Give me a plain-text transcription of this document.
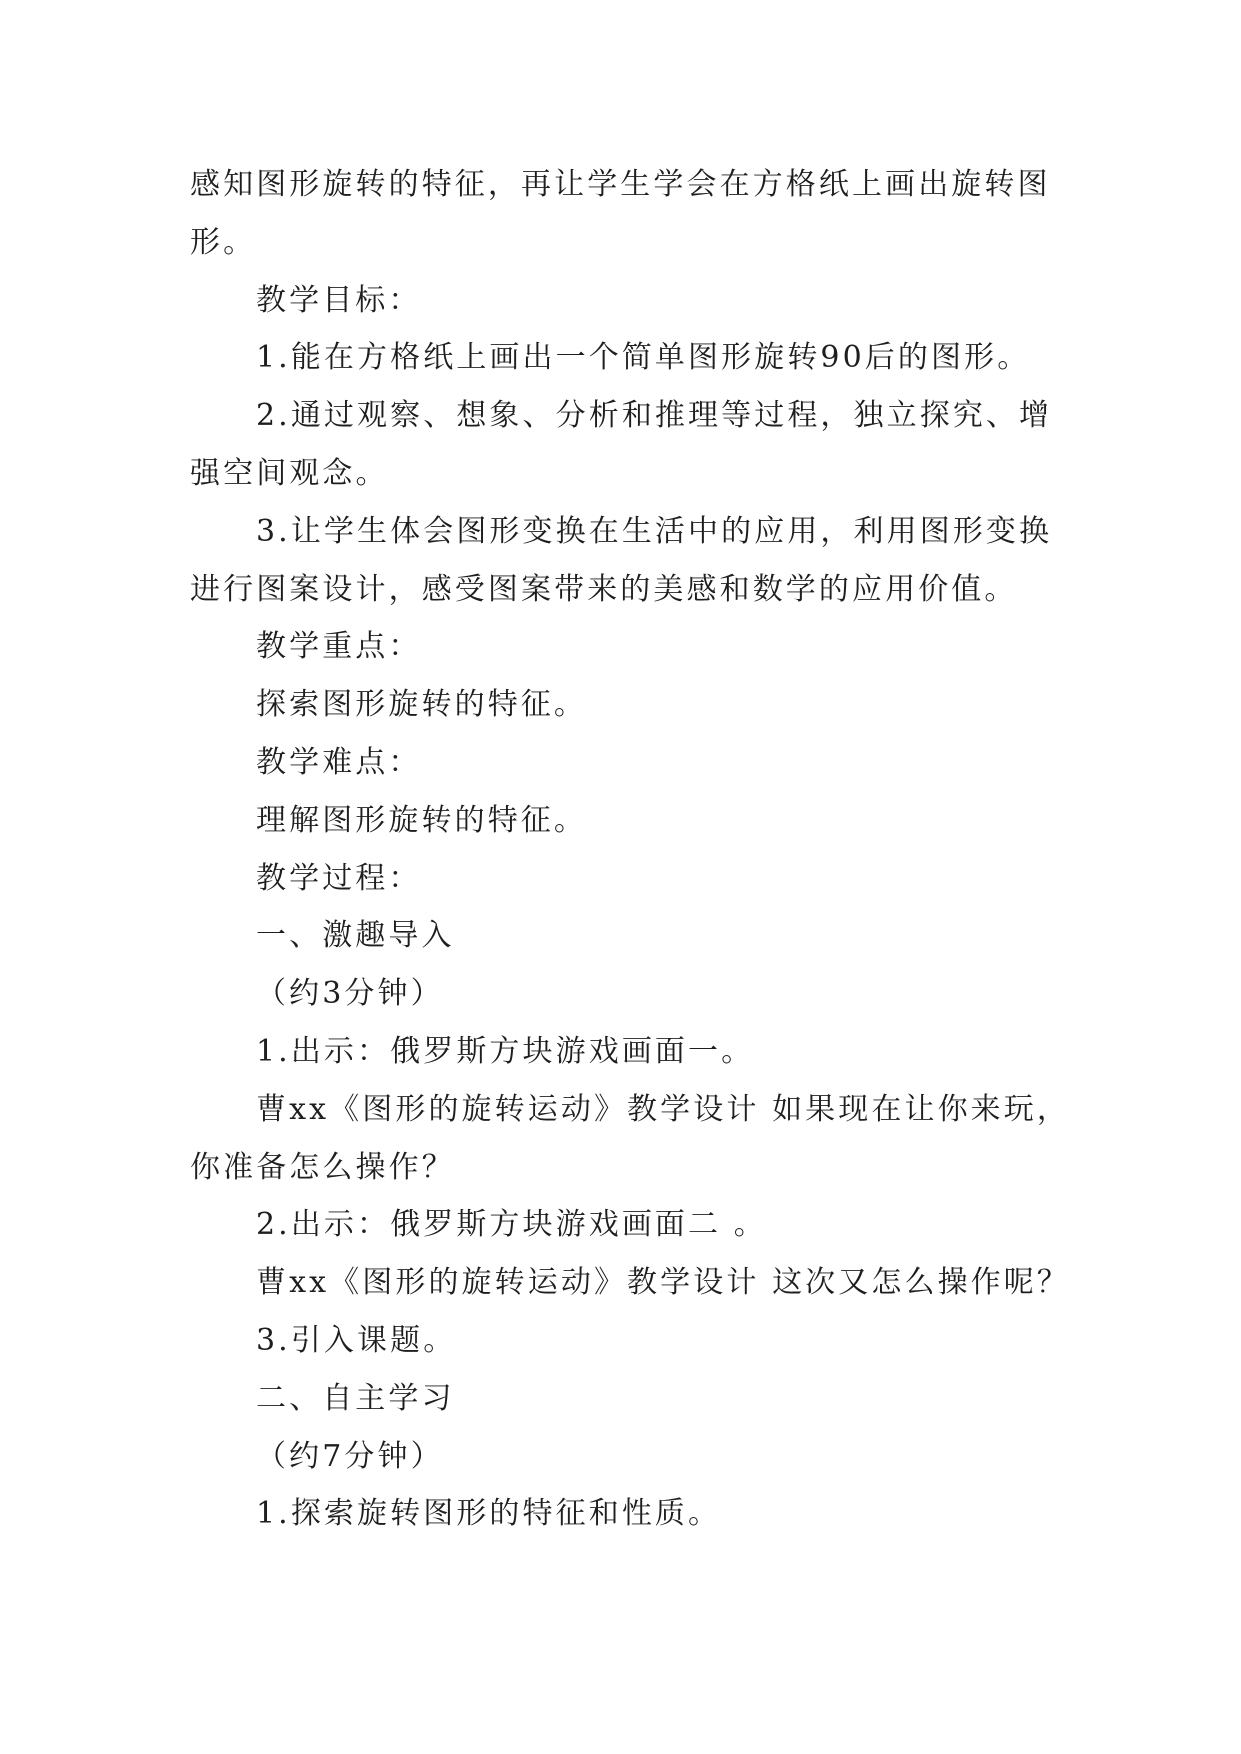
感知图形旋转的特征，再让学生学会在方格纸上画出旋转图
形。
教学目标：
1.能在方格纸上画出一个简单图形旋转90后的图形。
2.通过观察、想象、分析和推理等过程，独立探究、增
强空间观念。
3.让学生体会图形变换在生活中的应用，利用图形变换
进行图案设计，感受图案带来的美感和数学的应用价值。
教学重点：
探索图形旋转的特征。
教学难点：
理解图形旋转的特征。
教学过程：
一、激趣导入
（约3分钟）
1.出示：俄罗斯方块游戏画面一。
曹xx《图形的旋转运动》教学设计 如果现在让你来玩，
你准备怎么操作？
2.出示：俄罗斯方块游戏画面二 。
曹xx《图形的旋转运动》教学设计 这次又怎么操作呢？
3.引入课题。
二、自主学习
（约7分钟）
1.探索旋转图形的特征和性质。
